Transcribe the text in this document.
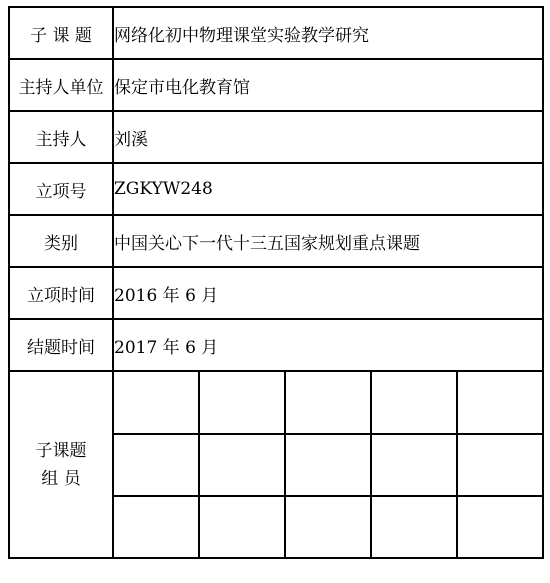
子 课 题	网络化初中物理课堂实验教学研究				
主持人单位	保定市电化教育馆				
主持人	刘溪				
立项号	ZGKYW248				
类别	中国关心下一代十三五国家规划重点课题				
立项时间	2016 年 6 月				
结题时间	2017 年 6 月				

子课题
组 员					
